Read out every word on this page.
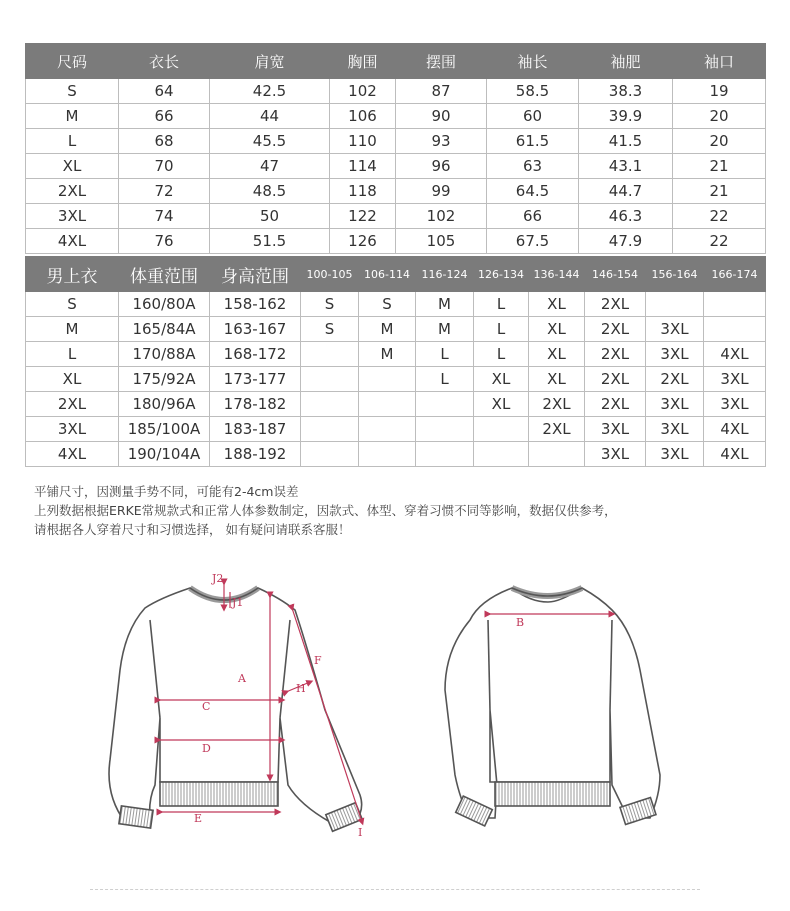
尺码	衣长	肩宽	胸围	摆围	袖长	袖肥	袖口
S	64	42.5	102	87	58.5	38.3	19
M	66	44	106	90	60	39.9	20
L	68	45.5	110	93	61.5	41.5	20
XL	70	47	114	96	63	43.1	21
2XL	72	48.5	118	99	64.5	44.7	21
3XL	74	50	122	102	66	46.3	22
4XL	76	51.5	126	105	67.5	47.9	22
男上衣	体重范围	身高范围	100-105	106-114	116-124	126-134	136-144	146-154	156-164	166-174
S	160/80A	158-162	S	S	M	L	XL	2XL		
M	165/84A	163-167	S	M	M	L	XL	2XL	3XL	
L	170/88A	168-172		M	L	L	XL	2XL	3XL	4XL
XL	175/92A	173-177			L	XL	XL	2XL	2XL	3XL
2XL	180/96A	178-182				XL	2XL	2XL	3XL	3XL
3XL	185/100A	183-187					2XL	3XL	3XL	4XL
4XL	190/104A	188-192						3XL	3XL	4XL
平铺尺寸，因测量手势不同，可能有2-4cm误差
上列数据根据ERKE常规款式和正常人体参数制定，因款式、体型、穿着习惯不同等影响，数据仅供参考，
请根据各人穿着尺寸和习惯选择， 如有疑问请联系客服！
J2
J1
A
C
D
E
F
H
I
B
